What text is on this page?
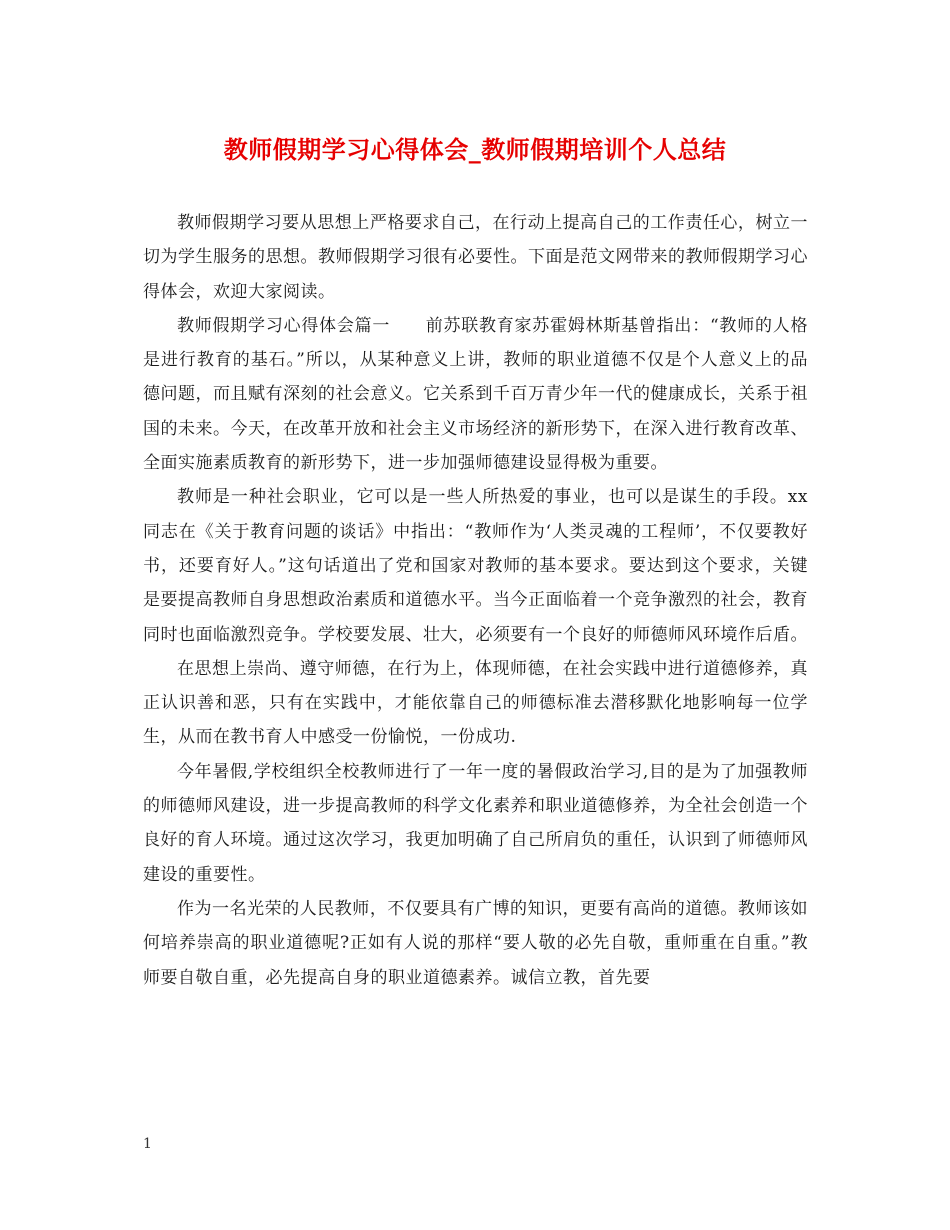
教师假期学习心得体会_教师假期培训个人总结

教师假期学习要从思想上严格要求自己，在行动上提高自己的工作责任心，树立一切为学生服务的思想。教师假期学习很有必要性。下面是范文网带来的教师假期学习心得体会，欢迎大家阅读。

教师假期学习心得体会篇一　　前苏联教育家苏霍姆林斯基曾指出：“教师的人格是进行教育的基石。”所以，从某种意义上讲，教师的职业道德不仅是个人意义上的品德问题，而且赋有深刻的社会意义。它关系到千百万青少年一代的健康成长，关系于祖国的未来。今天，在改革开放和社会主义市场经济的新形势下，在深入进行教育改革、全面实施素质教育的新形势下，进一步加强师德建设显得极为重要。

教师是一种社会职业，它可以是一些人所热爱的事业，也可以是谋生的手段。xx同志在《关于教育问题的谈话》中指出：“教师作为‘人类灵魂的工程师’，不仅要教好书，还要育好人。”这句话道出了党和国家对教师的基本要求。要达到这个要求，关键是要提高教师自身思想政治素质和道德水平。当今正面临着一个竞争激烈的社会，教育同时也面临激烈竞争。学校要发展、壮大，必须要有一个良好的师德师风环境作后盾。

在思想上崇尚、遵守师德，在行为上，体现师德，在社会实践中进行道德修养，真正认识善和恶，只有在实践中，才能依靠自己的师德标准去潜移默化地影响每一位学生，从而在教书育人中感受一份愉悦，一份成功.

今年暑假,学校组织全校教师进行了一年一度的暑假政治学习,目的是为了加强教师的师德师风建设，进一步提高教师的科学文化素养和职业道德修养，为全社会创造一个良好的育人环境。通过这次学习，我更加明确了自己所肩负的重任，认识到了师德师风建设的重要性。

作为一名光荣的人民教师，不仅要具有广博的知识，更要有高尚的道德。教师该如何培养崇高的职业道德呢?正如有人说的那样“要人敬的必先自敬，重师重在自重。”教师要自敬自重，必先提高自身的职业道德素养。诚信立教，首先要

1
